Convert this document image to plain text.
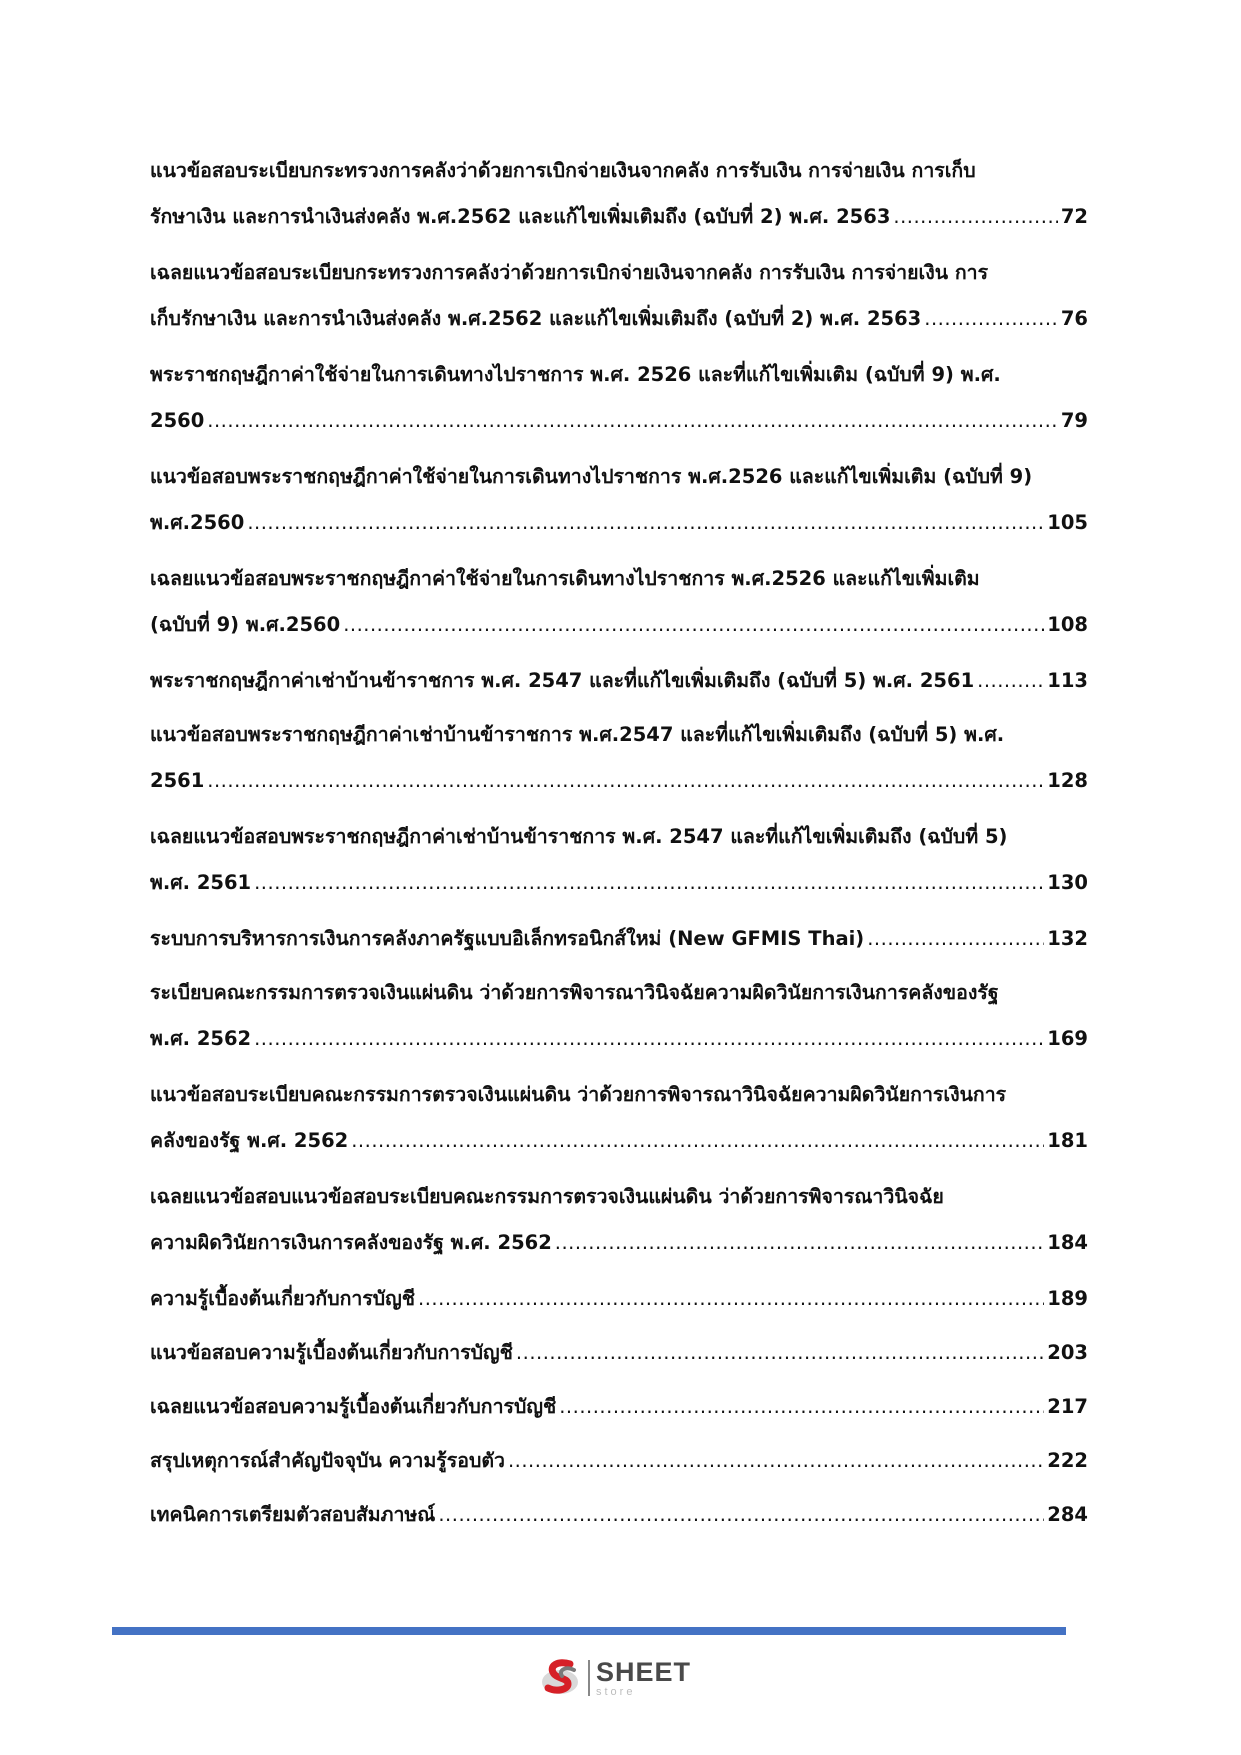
แนวข้อสอบระเบียบกระทรวงการคลังว่าด้วยการเบิกจ่ายเงินจากคลัง การรับเงิน การจ่ายเงิน การเก็บ
รักษาเงิน และการนำเงินส่งคลัง พ.ศ.2562 และแก้ไขเพิ่มเติมถึง (ฉบับที่ 2) พ.ศ. 2563 .....	72
เฉลยแนวข้อสอบระเบียบกระทรวงการคลังว่าด้วยการเบิกจ่ายเงินจากคลัง การรับเงิน การจ่ายเงิน การ
เก็บรักษาเงิน และการนำเงินส่งคลัง พ.ศ.2562 และแก้ไขเพิ่มเติมถึง (ฉบับที่ 2) พ.ศ. 2563 .....	76
พระราชกฤษฎีกาค่าใช้จ่ายในการเดินทางไปราชการ พ.ศ. 2526 และที่แก้ไขเพิ่มเติม (ฉบับที่ 9) พ.ศ.
2560 .....	79
แนวข้อสอบพระราชกฤษฎีกาค่าใช้จ่ายในการเดินทางไปราชการ พ.ศ.2526 และแก้ไขเพิ่มเติม (ฉบับที่ 9)
พ.ศ.2560 .....	105
เฉลยแนวข้อสอบพระราชกฤษฎีกาค่าใช้จ่ายในการเดินทางไปราชการ พ.ศ.2526 และแก้ไขเพิ่มเติม
(ฉบับที่ 9) พ.ศ.2560 .....	108
พระราชกฤษฎีกาค่าเช่าบ้านข้าราชการ พ.ศ. 2547 และที่แก้ไขเพิ่มเติมถึง (ฉบับที่ 5) พ.ศ. 2561 .....	113
แนวข้อสอบพระราชกฤษฎีกาค่าเช่าบ้านข้าราชการ พ.ศ.2547 และที่แก้ไขเพิ่มเติมถึง (ฉบับที่ 5) พ.ศ.
2561 .....	128
เฉลยแนวข้อสอบพระราชกฤษฎีกาค่าเช่าบ้านข้าราชการ พ.ศ. 2547 และที่แก้ไขเพิ่มเติมถึง (ฉบับที่ 5)
พ.ศ. 2561 .....	130
ระบบการบริหารการเงินการคลังภาครัฐแบบอิเล็กทรอนิกส์ใหม่ (New GFMIS Thai) .....	132
ระเบียบคณะกรรมการตรวจเงินแผ่นดิน ว่าด้วยการพิจารณาวินิจฉัยความผิดวินัยการเงินการคลังของรัฐ
พ.ศ. 2562 .....	169
แนวข้อสอบระเบียบคณะกรรมการตรวจเงินแผ่นดิน ว่าด้วยการพิจารณาวินิจฉัยความผิดวินัยการเงินการ
คลังของรัฐ พ.ศ. 2562 .....	181
เฉลยแนวข้อสอบแนวข้อสอบระเบียบคณะกรรมการตรวจเงินแผ่นดิน ว่าด้วยการพิจารณาวินิจฉัย
ความผิดวินัยการเงินการคลังของรัฐ พ.ศ. 2562 .....	184
ความรู้เบื้องต้นเกี่ยวกับการบัญชี .....	189
แนวข้อสอบความรู้เบื้องต้นเกี่ยวกับการบัญชี .....	203
เฉลยแนวข้อสอบความรู้เบื้องต้นเกี่ยวกับการบัญชี .....	217
สรุปเหตุการณ์สำคัญปัจจุบัน ความรู้รอบตัว .....	222
เทคนิคการเตรียมตัวสอบสัมภาษณ์ .....	284
SHEET
store
